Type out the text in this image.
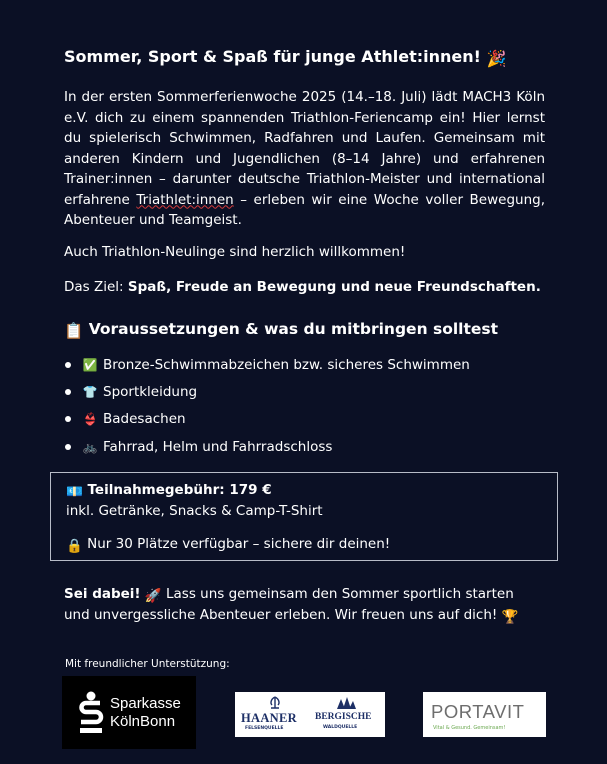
Sommer, Sport & Spaß für junge Athlet:innen! 🎉

In der ersten Sommerferienwoche 2025 (14.–18. Juli) lädt MACH3 Köln e.V. dich zu einem spannenden Triathlon-Feriencamp ein! Hier lernst du spielerisch Schwimmen, Radfahren und Laufen. Gemeinsam mit anderen Kindern und Jugendlichen (8–14 Jahre) und erfahrenen Trainer:innen – darunter deutsche Triathlon-Meister und international erfahrene Triathlet:innen – erleben wir eine Woche voller Bewegung, Abenteuer und Teamgeist.

Auch Triathlon-Neulinge sind herzlich willkommen!

Das Ziel: Spaß, Freude an Bewegung und neue Freundschaften.

📋 Voraussetzungen & was du mitbringen solltest
✅ Bronze-Schwimmabzeichen bzw. sicheres Schwimmen
👕 Sportkleidung
👙 Badesachen
🚲 Fahrrad, Helm und Fahrradschloss
💶 Teilnahmegebühr: 179 €
inkl. Getränke, Snacks & Camp-T-Shirt
🔒 Nur 30 Plätze verfügbar – sichere dir deinen!

Sei dabei! 🚀 Lass uns gemeinsam den Sommer sportlich starten
und unvergessliche Abenteuer erleben. Wir freuen uns auf dich! 🏆

Mit freundlicher Unterstützung:
Sparkasse
KölnBonn	HAANER
FELSENQUELLE
BERGISCHE
WALDQUELLE
PORTAVIT
Vital & Gesund. Gemeinsam!
